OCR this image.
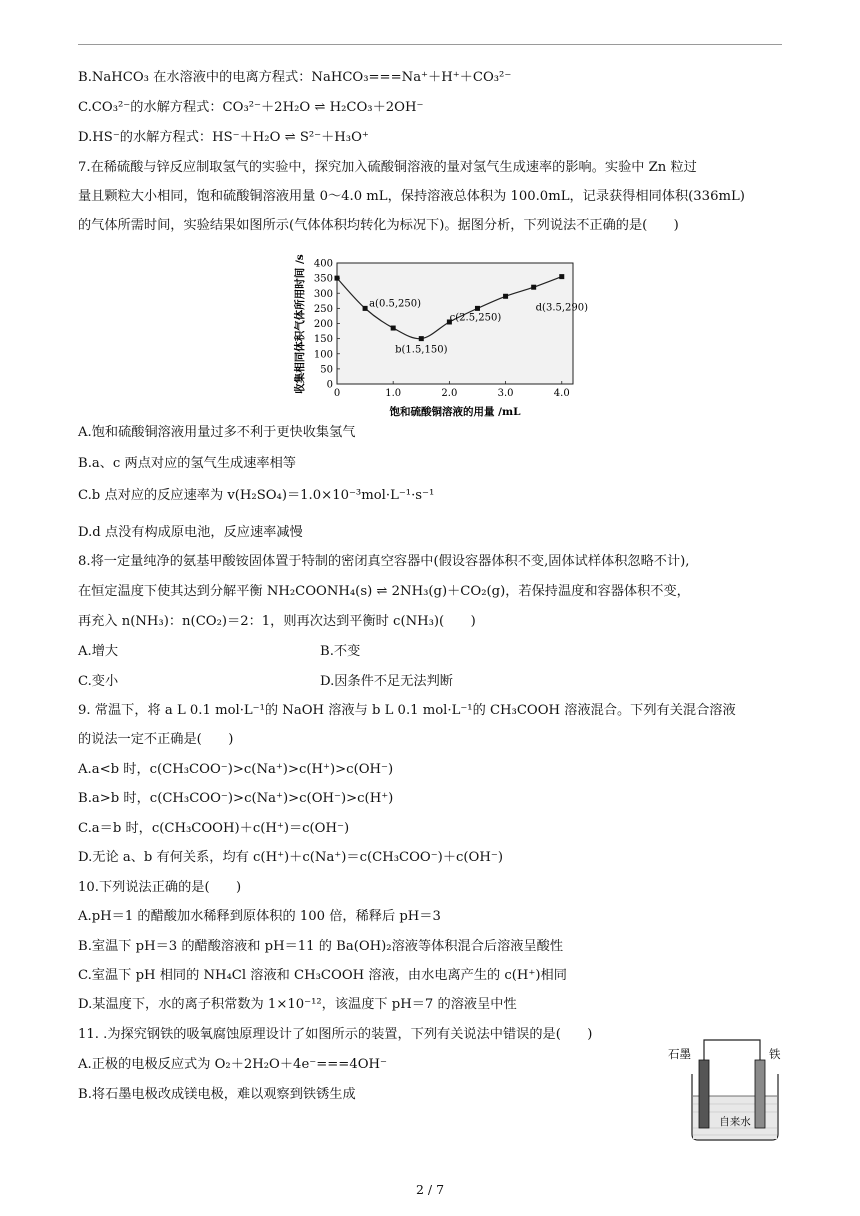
B.NaHCO₃ 在水溶液中的电离方程式：NaHCO₃===Na⁺＋H⁺＋CO₃²⁻
C.CO₃²⁻的水解方程式：CO₃²⁻＋2H₂O ⇌ H₂CO₃＋2OH⁻
D.HS⁻的水解方程式：HS⁻＋H₂O ⇌ S²⁻＋H₃O⁺
7.在稀硫酸与锌反应制取氢气的实验中，探究加入硫酸铜溶液的量对氢气生成速率的影响。实验中 Zn 粒过
量且颗粒大小相同，饱和硫酸铜溶液用量 0～4.0 mL，保持溶液总体积为 100.0mL，记录获得相同体积(336mL)
的气体所需时间，实验结果如图所示(气体体积均转化为标况下)。据图分析，下列说法不正确的是(　　)
A.饱和硫酸铜溶液用量过多不利于更快收集氢气
B.a、c 两点对应的氢气生成速率相等
C.b 点对应的反应速率为 v(H₂SO₄)＝1.0×10⁻³mol·L⁻¹·s⁻¹
D.d 点没有构成原电池，反应速率减慢
8.将一定量纯净的氨基甲酸铵固体置于特制的密闭真空容器中(假设容器体积不变,固体试样体积忽略不计),
在恒定温度下使其达到分解平衡 NH₂COONH₄(s) ⇌ 2NH₃(g)＋CO₂(g)，若保持温度和容器体积不变，
再充入 n(NH₃)：n(CO₂)＝2：1，则再次达到平衡时 c(NH₃)(　　)
A.增大
C.变小
9. 常温下，将 a L 0.1 mol·L⁻¹的 NaOH 溶液与 b L 0.1 mol·L⁻¹的 CH₃COOH 溶液混合。下列有关混合溶液
的说法一定不正确是(　　)
A.a<b 时，c(CH₃COO⁻)>c(Na⁺)>c(H⁺)>c(OH⁻)
B.a>b 时，c(CH₃COO⁻)>c(Na⁺)>c(OH⁻)>c(H⁺)
C.a＝b 时，c(CH₃COOH)＋c(H⁺)＝c(OH⁻)
D.无论 a、b 有何关系，均有 c(H⁺)＋c(Na⁺)＝c(CH₃COO⁻)＋c(OH⁻)
10.下列说法正确的是(　　)
A.pH＝1 的醋酸加水稀释到原体积的 100 倍，稀释后 pH＝3
B.室温下 pH＝3 的醋酸溶液和 pH＝11 的 Ba(OH)₂溶液等体积混合后溶液呈酸性
C.室温下 pH 相同的 NH₄Cl 溶液和 CH₃COOH 溶液，由水电离产生的 c(H⁺)相同
D.某温度下，水的离子积常数为 1×10⁻¹²，该温度下 pH＝7 的溶液呈中性
11. .为探究钢铁的吸氧腐蚀原理设计了如图所示的装置，下列有关说法中错误的是(　　)
A.正极的电极反应式为 O₂＋2H₂O＋4e⁻===4OH⁻
B.将石墨电极改成镁电极，难以观察到铁锈生成
B.不变
D.因条件不足无法判断
0
50
100
150
200
250
300
350
400
0	1.0	2.0	3.0	4.0
a(0.5,250)
b(1.5,150)
c(2.5,250)
d(3.5,290)
饱和硫酸铜溶液的用量 /mL
收集相同体积气体所用时间 /s
石墨	铁
自来水
2 / 7
